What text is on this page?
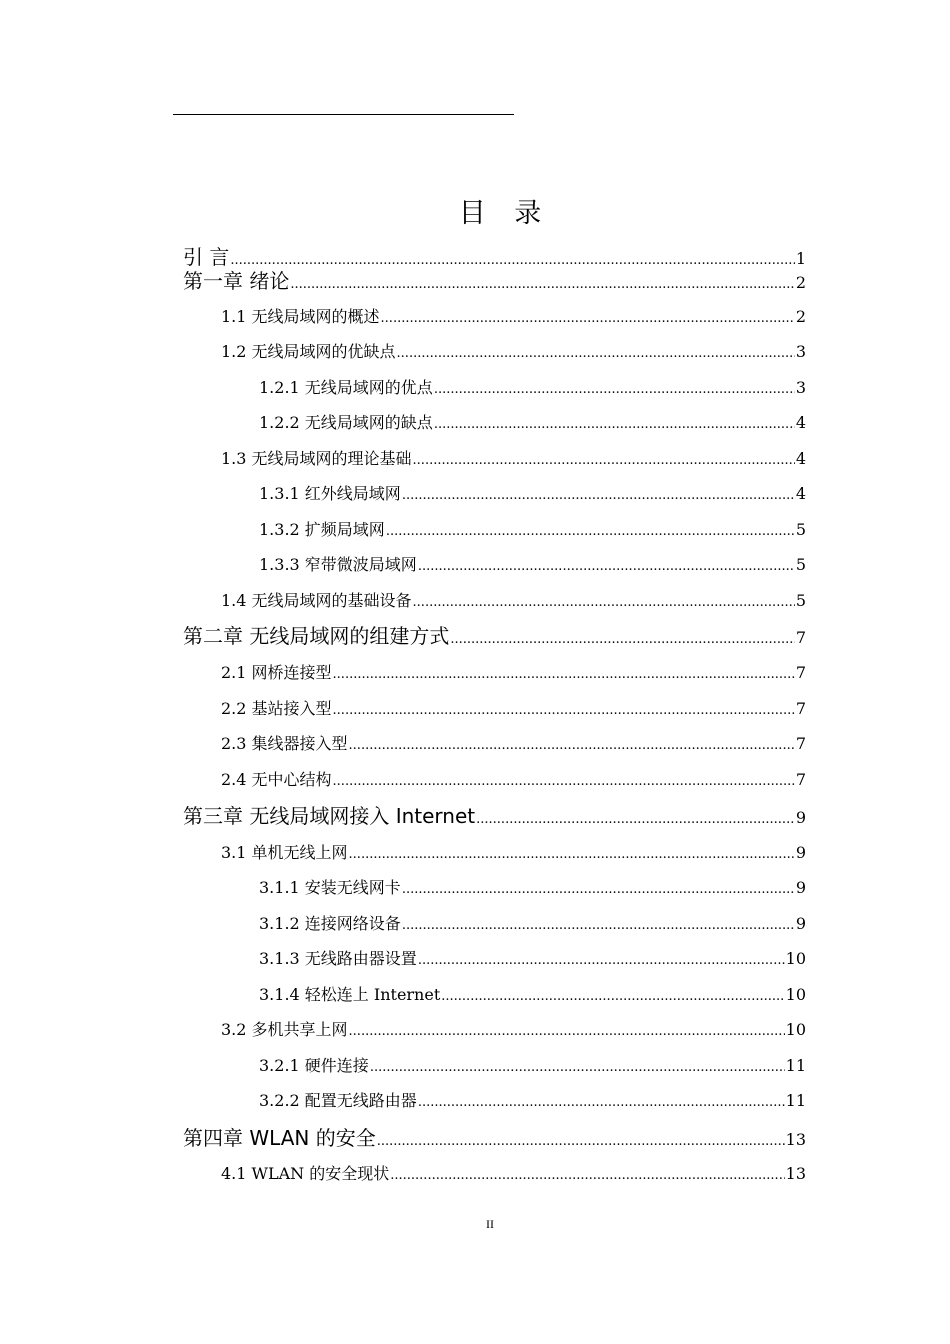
目 录
引 言 .....	1
第一章 绪论 .....	2
1.1 无线局域网的概述 .....	2
1.2 无线局域网的优缺点 .....	3
1.2.1 无线局域网的优点 .....	3
1.2.2 无线局域网的缺点 .....	4
1.3 无线局域网的理论基础 .....	4
1.3.1 红外线局域网 .....	4
1.3.2 扩频局域网 .....	5
1.3.3 窄带微波局域网 .....	5
1.4 无线局域网的基础设备 .....	5
第二章 无线局域网的组建方式 .....	7
2.1 网桥连接型 .....	7
2.2 基站接入型 .....	7
2.3 集线器接入型 .....	7
2.4 无中心结构 .....	7
第三章 无线局域网接入 Internet .....	9
3.1 单机无线上网 .....	9
3.1.1 安装无线网卡 .....	9
3.1.2 连接网络设备 .....	9
3.1.3 无线路由器设置 .....	10
3.1.4 轻松连上 Internet .....	10
3.2 多机共享上网 .....	10
3.2.1 硬件连接 .....	11
3.2.2 配置无线路由器 .....	11
第四章 WLAN 的安全 .....	13
4.1 WLAN 的安全现状 .....	13
II
